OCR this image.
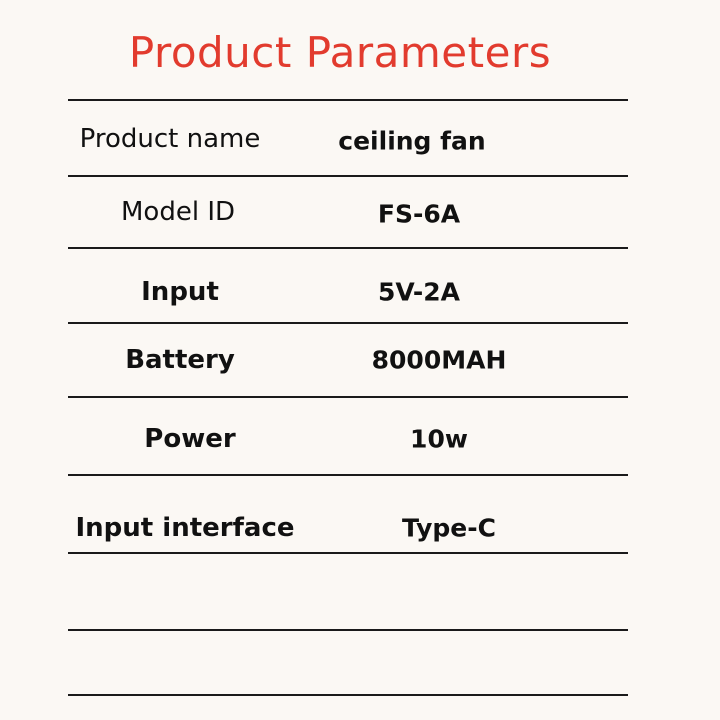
Product Parameters
Product name	ceiling fan
Model ID	FS-6A
Input	5V-2A
Battery	8000MAH
Power	10w
Input interface	Type-C
